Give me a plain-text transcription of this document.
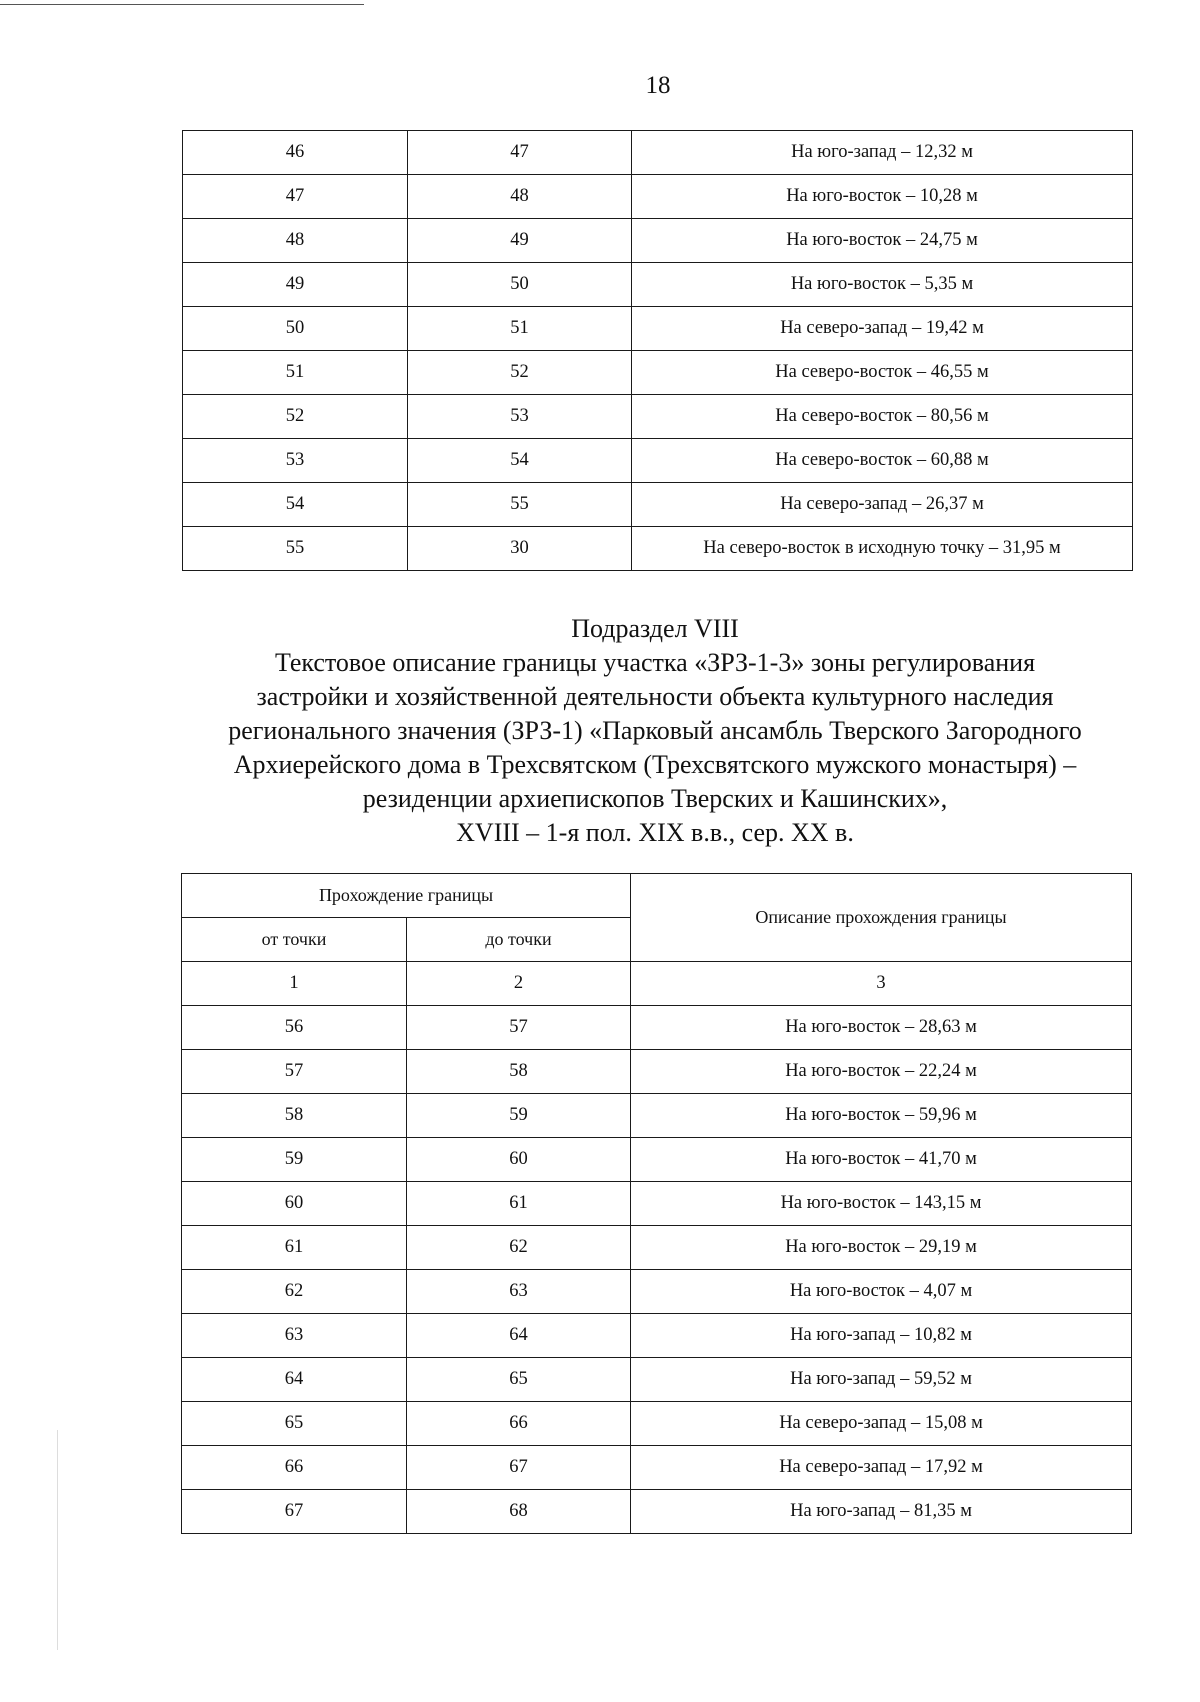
18
46	47	На юго-запад – 12,32 м
47	48	На юго-восток – 10,28 м
48	49	На юго-восток – 24,75 м
49	50	На юго-восток – 5,35 м
50	51	На северо-запад – 19,42 м
51	52	На северо-восток – 46,55 м
52	53	На северо-восток – 80,56 м
53	54	На северо-восток – 60,88 м
54	55	На северо-запад – 26,37 м
55	30	На северо-восток в исходную точку – 31,95 м

Подраздел VIII

Текстовое описание границы участка «ЗРЗ-1-3» зоны регулирования

застройки и хозяйственной деятельности объекта культурного наследия

регионального значения (ЗРЗ-1) «Парковый ансамбль Тверского Загородного

Архиерейского дома в Трехсвятском (Трехсвятского мужского монастыря) –

резиденции архиепископов Тверских и Кашинских»,

XVIII – 1-я пол. XIX в.в., сер. XX в.

Прохождение границы		Описание прохождения границы
от точки	до точки	
1	2	3
56	57	На юго-восток – 28,63 м
57	58	На юго-восток – 22,24 м
58	59	На юго-восток – 59,96 м
59	60	На юго-восток – 41,70 м
60	61	На юго-восток – 143,15 м
61	62	На юго-восток – 29,19 м
62	63	На юго-восток – 4,07 м
63	64	На юго-запад – 10,82 м
64	65	На юго-запад – 59,52 м
65	66	На северо-запад – 15,08 м
66	67	На северо-запад – 17,92 м
67	68	На юго-запад – 81,35 м
